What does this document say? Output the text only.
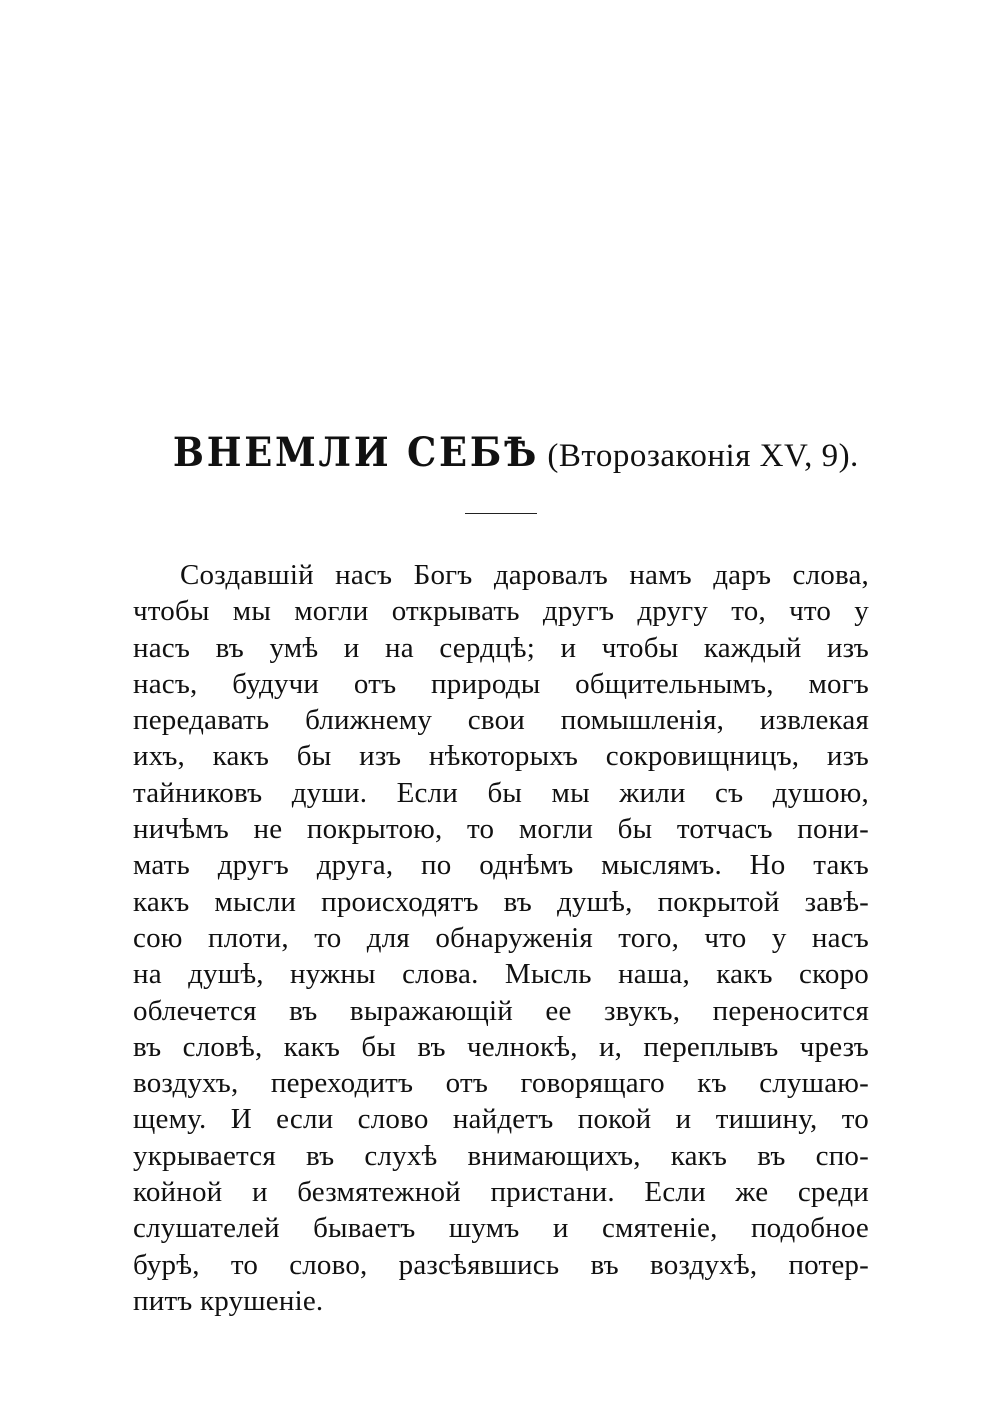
ВНЕМЛИ СЕБѢ (Второзаконія XV, 9).
Создавшій насъ Богъ даровалъ намъ даръ слова,
чтобы мы могли открывать другъ другу то, что у
насъ въ умѣ и на сердцѣ; и чтобы каждый изъ
насъ, будучи отъ природы общительнымъ, могъ
передавать ближнему свои помышленія, извлекая
ихъ, какъ бы изъ нѣкоторыхъ сокровищницъ, изъ
тайниковъ души. Если бы мы жили съ душою,
ничѣмъ не покрытою, то могли бы тотчасъ пони-
мать другъ друга, по однѣмъ мыслямъ. Но такъ
какъ мысли происходятъ въ душѣ, покрытой завѣ-
сою плоти, то для обнаруженія того, что у насъ
на душѣ, нужны слова. Мысль наша, какъ скоро
облечется въ выражающій ее звукъ, переносится
въ словѣ, какъ бы въ челнокѣ, и, переплывъ чрезъ
воздухъ, переходитъ отъ говорящаго къ слушаю-
щему. И если слово найдетъ покой и тишину, то
укрывается въ слухѣ внимающихъ, какъ въ спо-
койной и безмятежной пристани. Если же среди
слушателей бываетъ шумъ и смятеніе, подобное
бурѣ, то слово, разсѣявшись въ воздухѣ, потер-
питъ крушеніе.
